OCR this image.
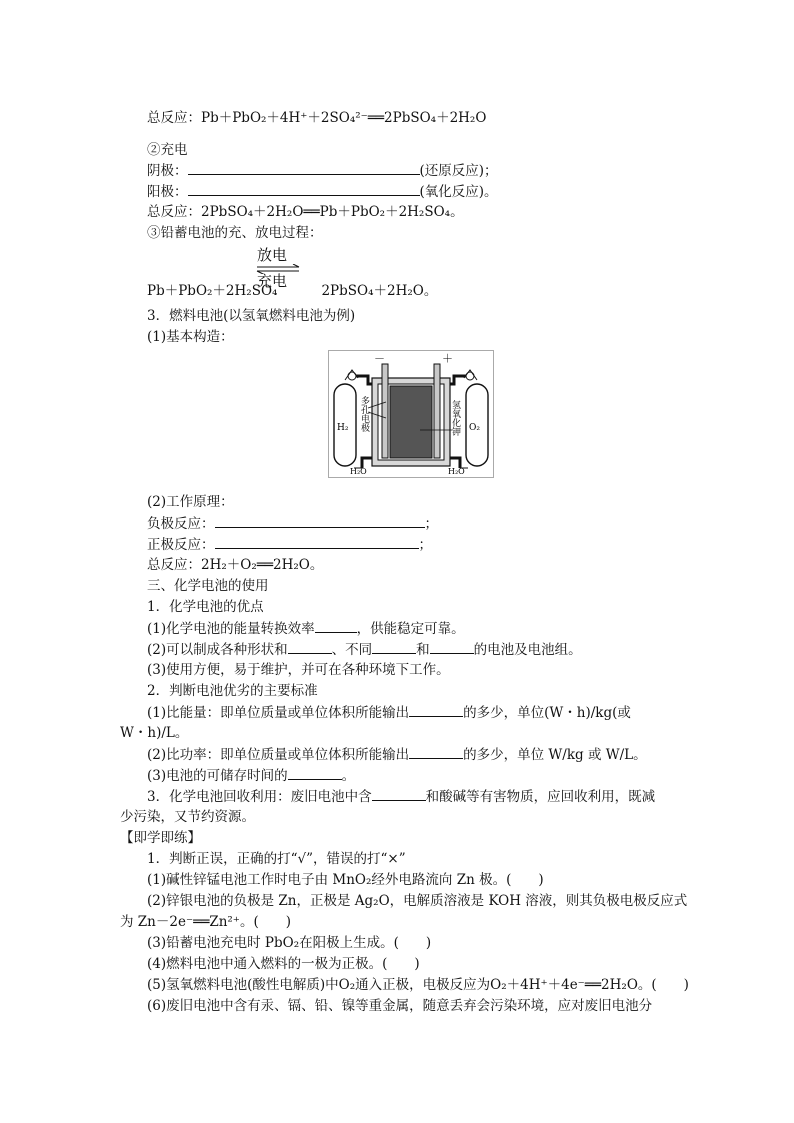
总反应：Pb＋PbO₂＋4H⁺＋2SO₄²⁻══2PbSO₄＋2H₂O
②充电
阴极：	(还原反应)；
阳极：	(氧化反应)。
总反应：2PbSO₄＋2H₂O══Pb＋PbO₂＋2H₂SO₄。
③铅蓄电池的充、放电过程：
放电
充电
Pb＋PbO₂＋2H₂SO₄	2PbSO₄＋2H₂O。
3．燃料电池(以氢氧燃料电池为例)
(1)基本构造：
－	＋
H₂	O₂
H₂O	H₂O
多孔电极	氢氧化钾
(2)工作原理：
负极反应：	；
正极反应：	；
总反应：2H₂＋O₂══2H₂O。
三、化学电池的使用
1．化学电池的优点
(1)化学电池的能量转换效率	，供能稳定可靠。
(2)可以制成各种形状和	、不同	和	的电池及电池组。
(3)使用方便，易于维护，并可在各种环境下工作。
2．判断电池优劣的主要标准
(1)比能量：即单位质量或单位体积所能输出	的多少，单位(W・h)/kg(或
W・h)/L。
(2)比功率：即单位质量或单位体积所能输出	的多少，单位 W/kg 或 W/L。
(3)电池的可储存时间的	。
3．化学电池回收利用：废旧电池中含	和酸碱等有害物质，应回收利用，既减
少污染，又节约资源。
【即学即练】
1．判断正误，正确的打“√”，错误的打“×”
(1)碱性锌锰电池工作时电子由 MnO₂经外电路流向 Zn 极。(　　)
(2)锌银电池的负极是 Zn，正极是 Ag₂O，电解质溶液是 KOH 溶液，则其负极电极反应式
为 Zn－2e⁻══Zn²⁺。(　　)
(3)铅蓄电池充电时 PbO₂在阳极上生成。(　　)
(4)燃料电池中通入燃料的一极为正极。(　　)
(5)氢氧燃料电池(酸性电解质)中O₂通入正极，电极反应为O₂＋4H⁺＋4e⁻══2H₂O。(　　)
(6)废旧电池中含有汞、镉、铅、镍等重金属，随意丢弃会污染环境，应对废旧电池分
